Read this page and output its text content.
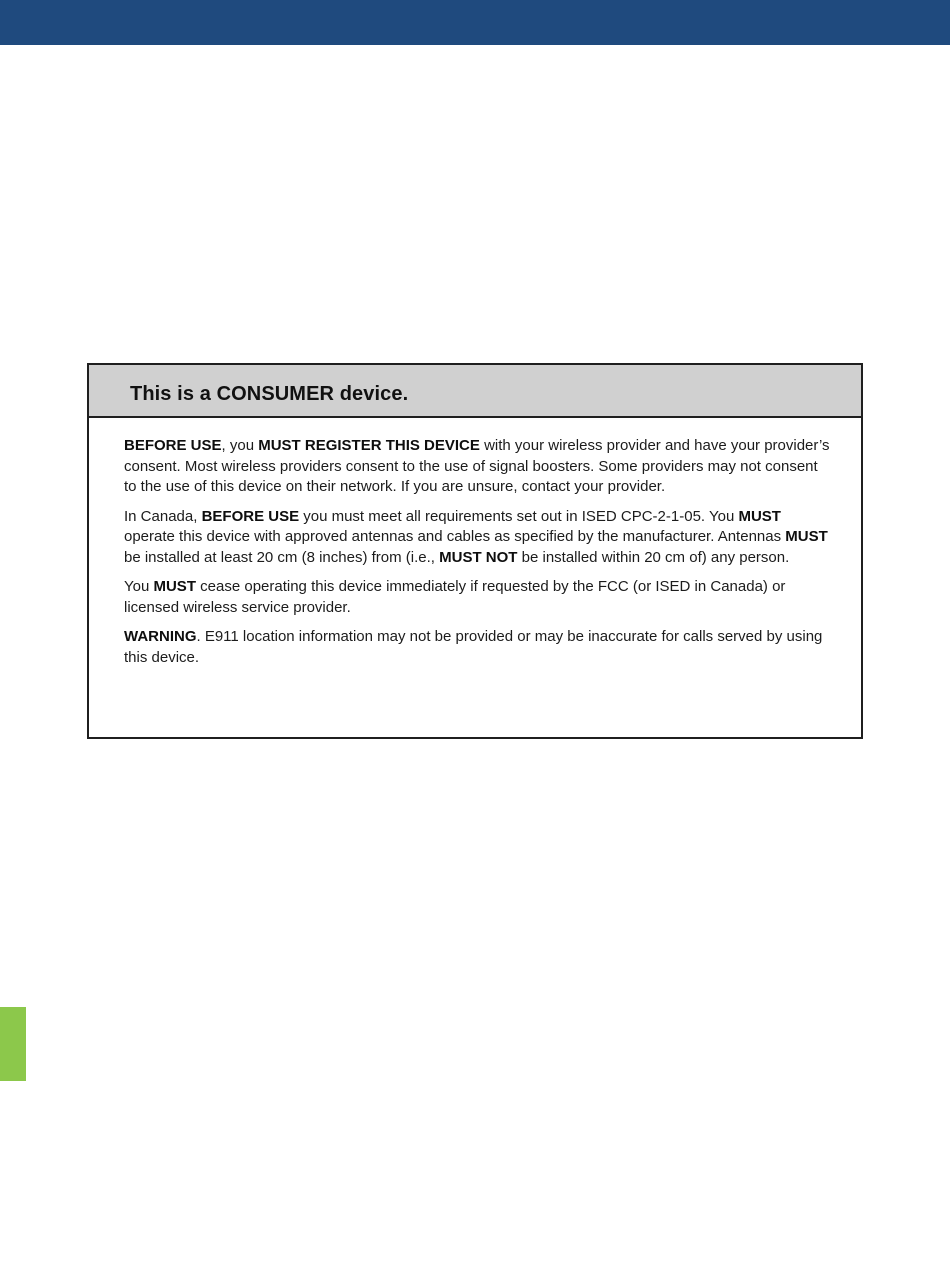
This is a CONSUMER device.

BEFORE USE, you MUST REGISTER THIS DEVICE with your wireless provider and have your provider’s consent. Most wireless providers consent to the use of signal boosters. Some providers may not consent to the use of this device on their network. If you are unsure, contact your provider.

In Canada, BEFORE USE you must meet all requirements set out in ISED CPC-2-1-05. You MUST operate this device with approved antennas and cables as specified by the manufacturer. Antennas MUST be installed at least 20 cm (8 inches) from (i.e., MUST NOT be installed within 20 cm of) any person.

You MUST cease operating this device immediately if requested by the FCC (or ISED in Canada) or licensed wireless service provider.

WARNING. E911 location information may not be provided or may be inaccurate for calls served by using this device.
